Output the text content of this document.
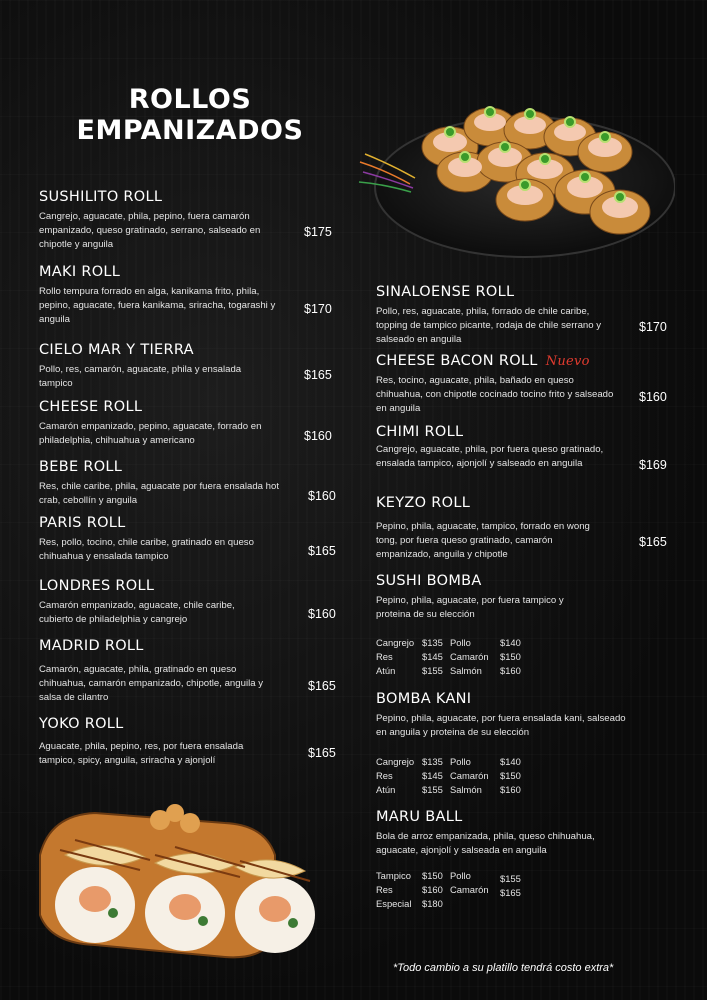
ROLLOS
EMPANIZADOS
SUSHILITO ROLL
Cangrejo, aguacate, phila, pepino, fuera camarón empanizado, queso gratinado, serrano, salseado en chipotle y anguila
$175
MAKI ROLL
Rollo tempura forrado en alga, kanikama frito, phila, pepino, aguacate, fuera kanikama, sriracha, togarashi y anguila
$170
CIELO MAR Y TIERRA
Pollo, res, camarón, aguacate, phila y ensalada tampico
$165
CHEESE ROLL
Camarón empanizado, pepino, aguacate, forrado en philadelphia, chihuahua y americano	$160
BEBE ROLL
Res, chile caribe, phila, aguacate por fuera ensalada hot crab, cebollín y anguila	$160
PARIS ROLL
Res, pollo, tocino, chile caribe, gratinado en queso chihuahua y ensalada tampico	$165
LONDRES ROLL
Camarón empanizado, aguacate, chile caribe, cubierto de philadelphia y cangrejo	$160
MADRID ROLL
Camarón, aguacate, phila, gratinado en queso chihuahua, camarón empanizado, chipotle, anguila y salsa de cilantro
$165
YOKO ROLL
Aguacate, phila, pepino, res, por fuera ensalada tampico, spicy, anguila, sriracha y ajonjolí
$165
SINALOENSE ROLL
Pollo, res, aguacate, phila, forrado de chile caribe, topping de tampico picante, rodaja de chile serrano y salseado en anguila
$170
CHEESE BACON ROLL Nuevo
Res, tocino, aguacate, phila, bañado en queso chihuahua, con chipotle cocinado tocino frito y salseado en anguila
$160
CHIMI ROLL
Cangrejo, aguacate, phila, por fuera queso gratinado, ensalada tampico, ajonjolí y salseado en anguila	$169
KEYZO ROLL
Pepino, phila, aguacate, tampico, forrado en wong tong, por fuera queso gratinado, camarón empanizado, anguila y chipotle
$165
SUSHI BOMBA
Pepino, phila, aguacate, por fuera tampico y proteina de su elección
Cangrejo $135 Pollo	$140
Res	$145 Camarón $150
Atún	$155 Salmón $160
BOMBA KANI
Pepino, phila, aguacate, por fuera ensalada kani, salseado en anguila y proteina de su elección
Cangrejo $135 Pollo	$140
Res	$145 Camarón $150
Atún	$155 Salmón $160
MARU BALL
Bola de arroz empanizada, phila, queso chihuahua, aguacate, ajonjolí y salseada en anguila
Tampico $150 Pollo	$155
Res	$160 Camarón $165
Especial $180
*Todo cambio a su platillo tendrá costo extra*
